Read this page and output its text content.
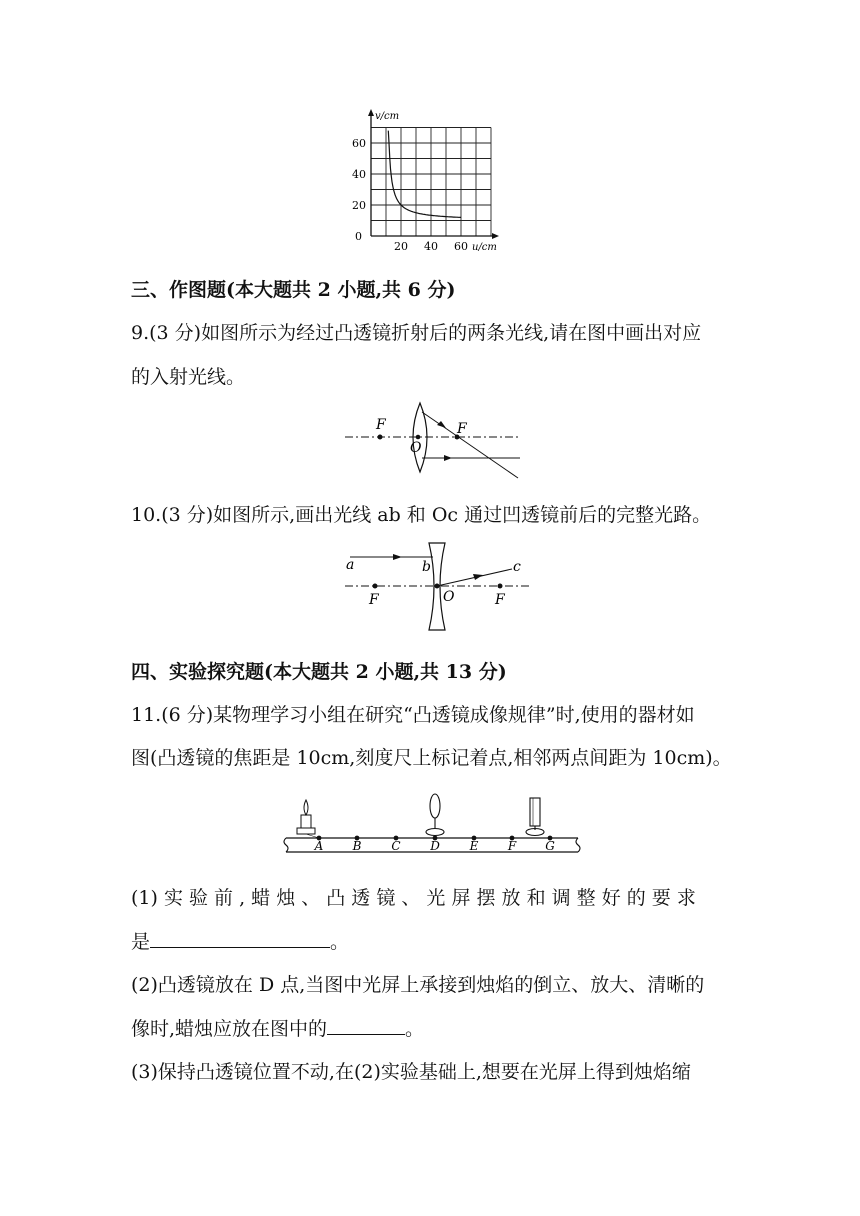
v/cm
60
40
20
0
20 40 60 u/cm
三、作图题(本大题共 2 小题,共 6 分)
9.(3 分)如图所示为经过凸透镜折射后的两条光线,请在图中画出对应
的入射光线。
F	F
O
10.(3 分)如图所示,画出光线 ab 和 Oc 通过凹透镜前后的完整光路。
a	b	c
O
F	F
四、实验探究题(本大题共 2 小题,共 13 分)
11.(6 分)某物理学习小组在研究“凸透镜成像规律”时,使用的器材如
图(凸透镜的焦距是 10cm,刻度尺上标记着点,相邻两点间距为 10cm)。
A B C D E F G
(1) 实 验 前 , 蜡 烛 、 凸 透 镜 、 光 屏 摆 放 和 调 整 好 的 要 求
是	。
(2)凸透镜放在 D 点,当图中光屏上承接到烛焰的倒立、放大、清晰的
像时,蜡烛应放在图中的	。
(3)保持凸透镜位置不动,在(2)实验基础上,想要在光屏上得到烛焰缩
